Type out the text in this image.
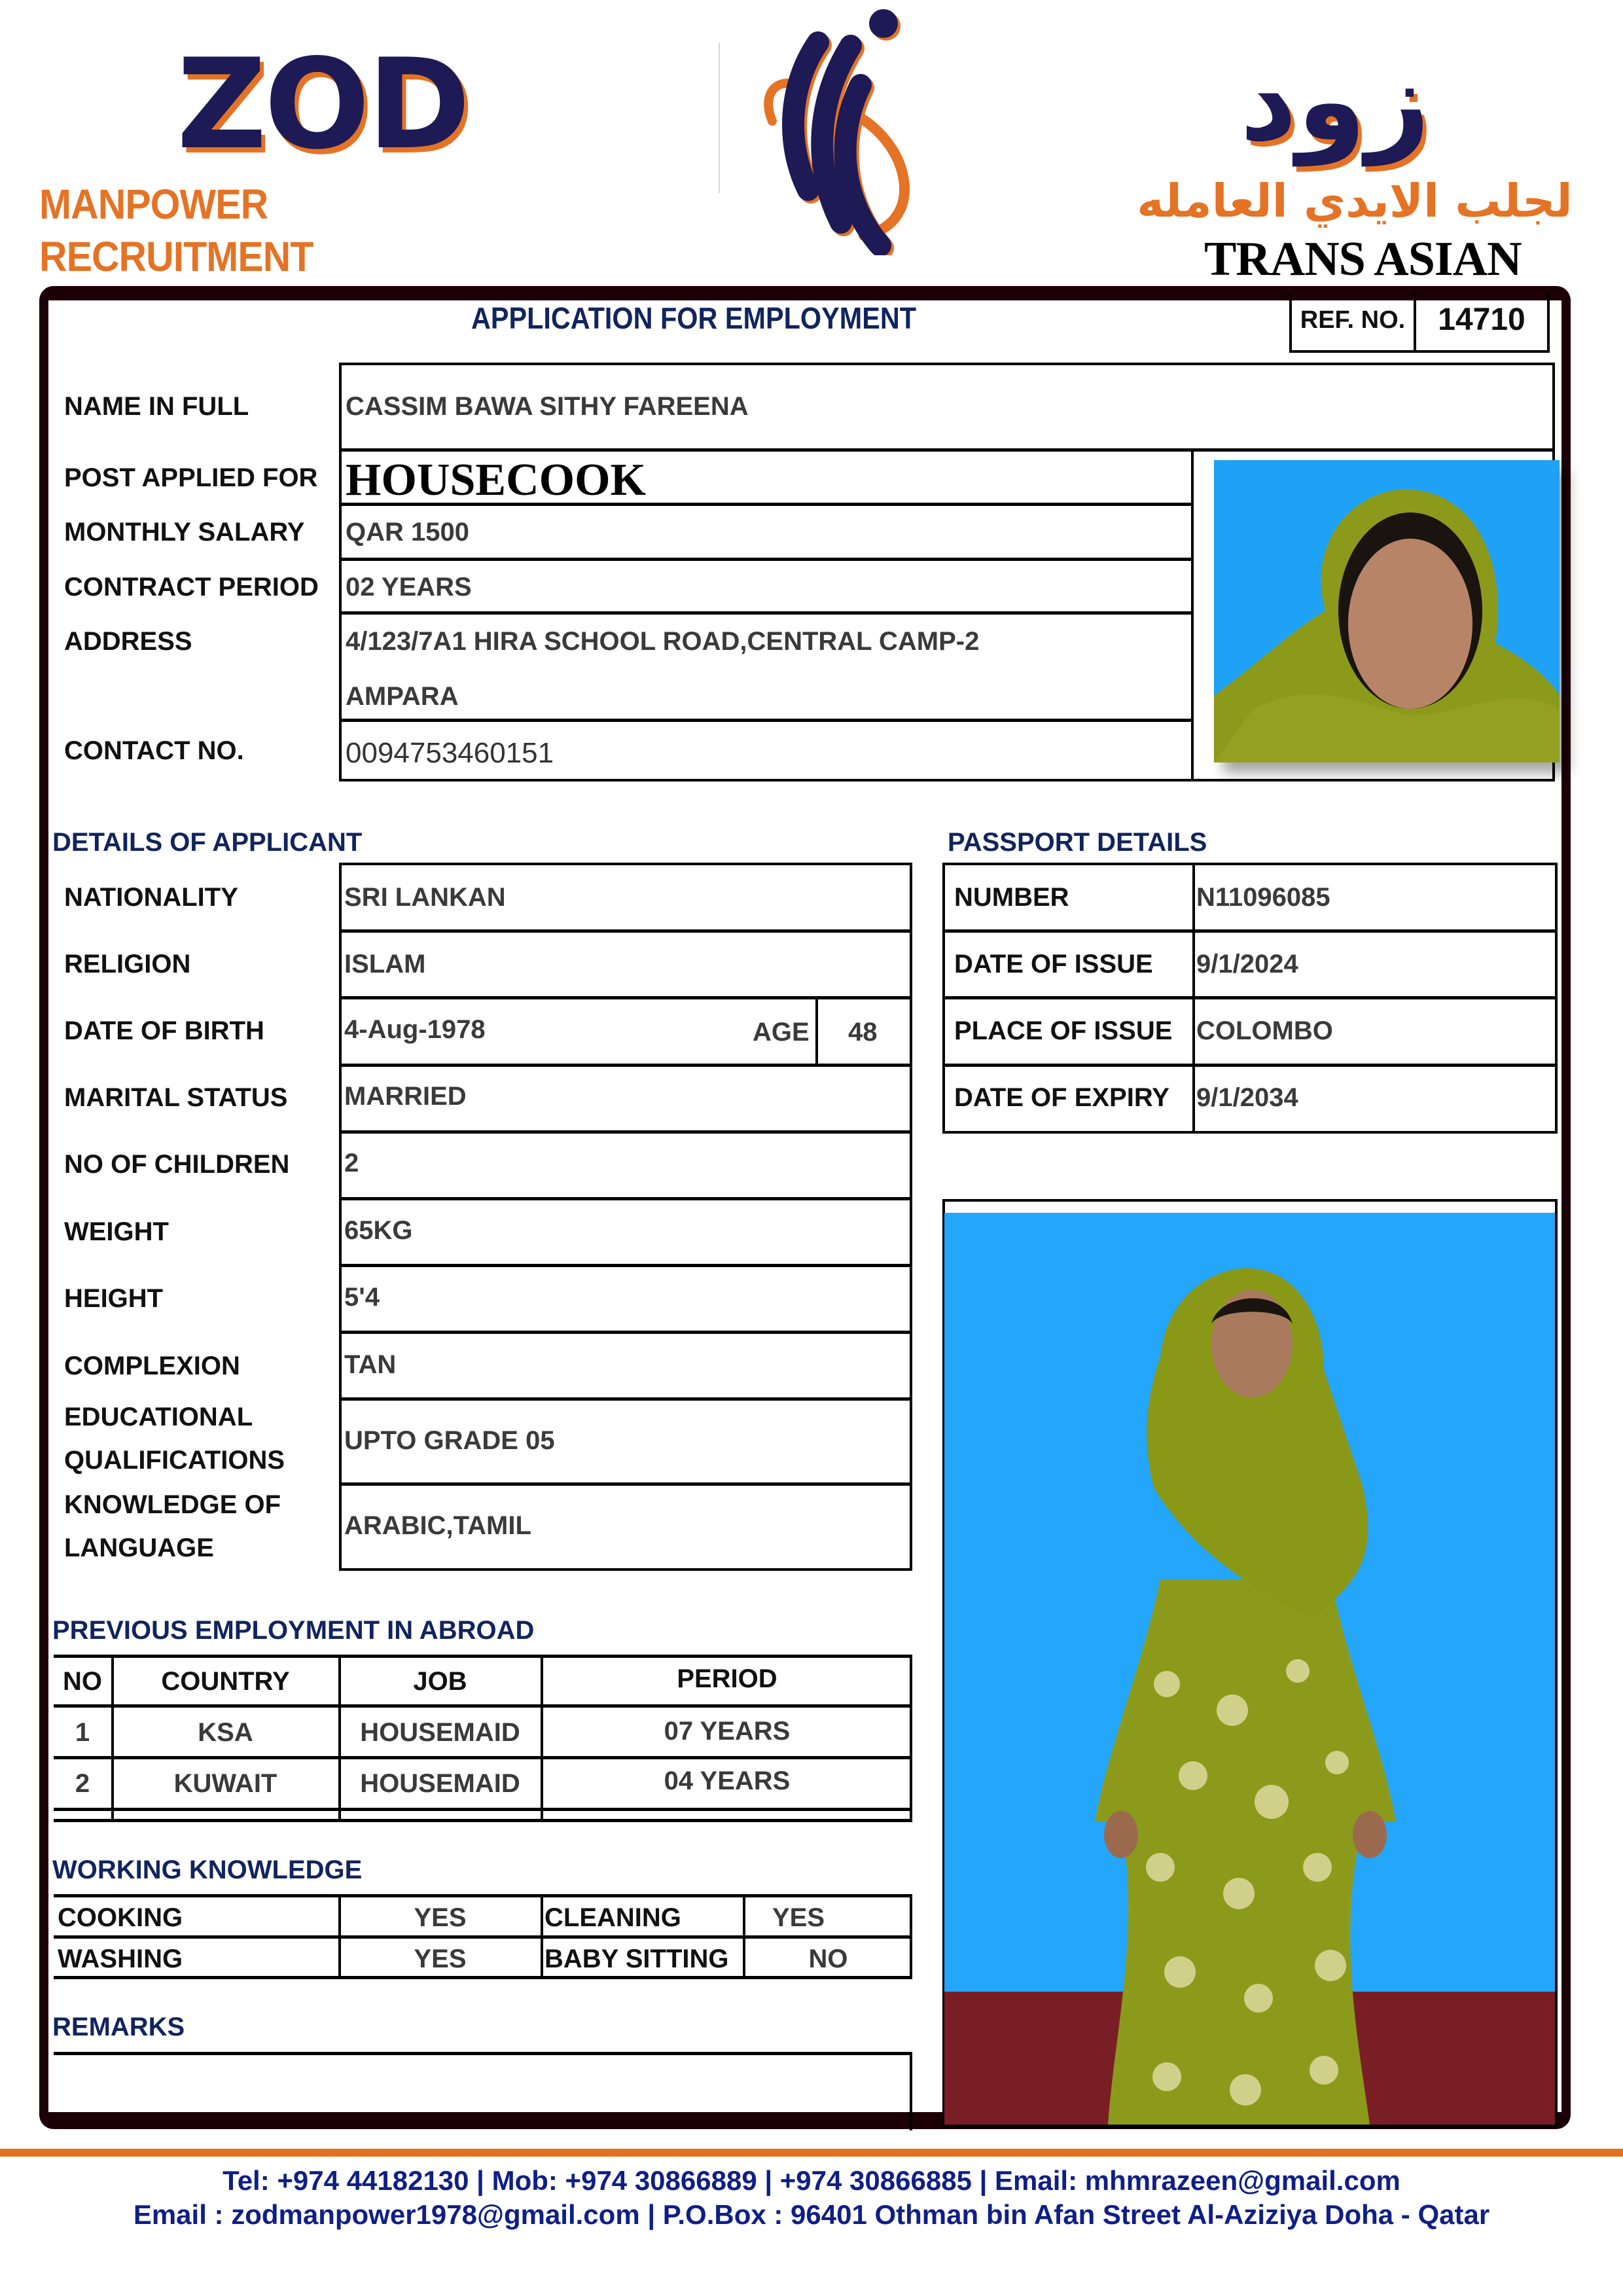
ZOD
MANPOWER RECRUITMENT
زود
لجلب الايدي العامله
TRANS ASIAN
APPLICATION FOR EMPLOYMENT	REF. NO.	14710
NAME IN FULL	CASSIM BAWA SITHY FAREENA
POST APPLIED FOR HOUSECOOK
MONTHLY SALARY QAR 1500
CONTRACT PERIOD 02 YEARS
ADDRESS	4/123/7A1 HIRA SCHOOL ROAD,CENTRAL CAMP-2
AMPARA
CONTACT NO.	0094753460151
DETAILS OF APPLICANT	PASSPORT DETAILS
NATIONALITY	SRI LANKAN
RELIGION	ISLAM
DATE OF BIRTH	4-Aug-1978	AGE 48
MARITAL STATUS MARRIED
NO OF CHILDREN 2
WEIGHT	65KG
HEIGHT	5'4
COMPLEXION	TAN
EDUCATIONAL
QUALIFICATIONS
UPTO GRADE 05
KNOWLEDGE OF
LANGUAGE
ARABIC,TAMIL
NUMBER	N11096085
DATE OF ISSUE 9/1/2024
PLACE OF ISSUE COLOMBO
DATE OF EXPIRY 9/1/2034
PREVIOUS EMPLOYMENT IN ABROAD
NO	COUNTRY	JOB	PERIOD
1	KSA	HOUSEMAID	07 YEARS
2	KUWAIT	HOUSEMAID	04 YEARS
WORKING KNOWLEDGE
COOKING	YES	CLEANING	YES
WASHING	YES	BABY SITTING	NO
REMARKS
Tel: +974 44182130 | Mob: +974 30866889 | +974 30866885 | Email: mhmrazeen@gmail.com
Email : zodmanpower1978@gmail.com | P.O.Box : 96401 Othman bin Afan Street Al-Aziziya Doha - Qatar
